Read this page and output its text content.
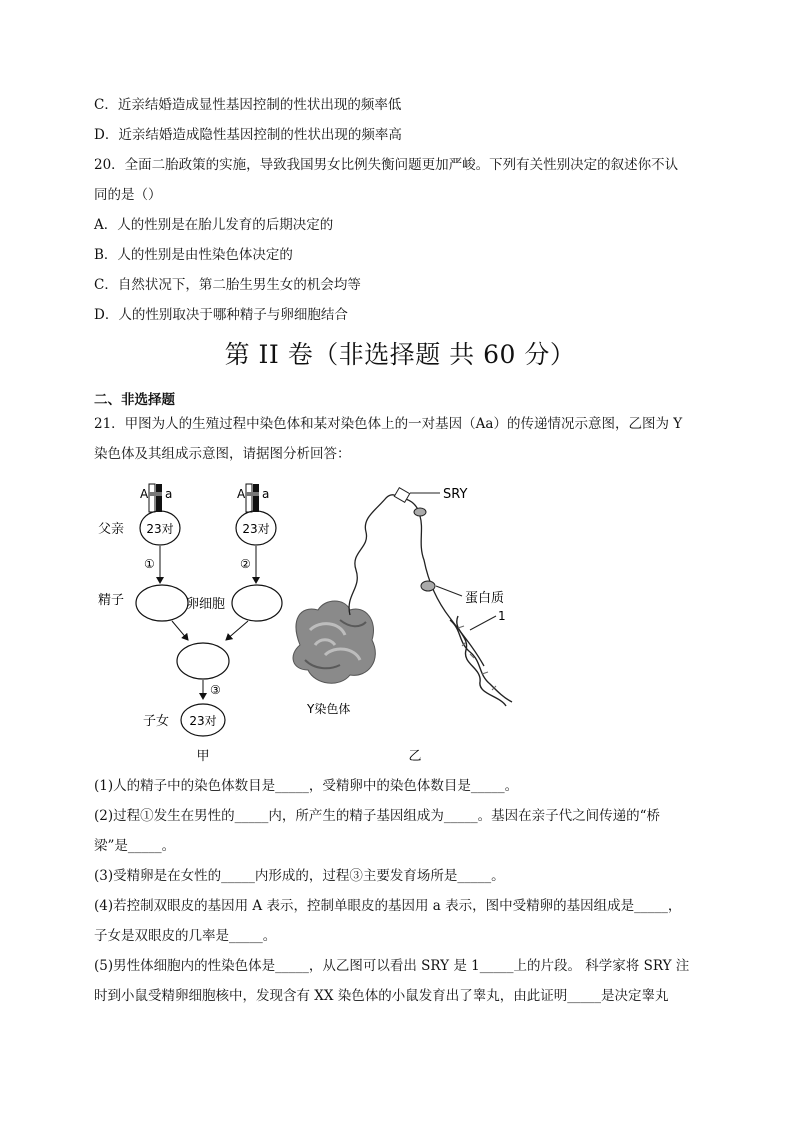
C．近亲结婚造成显性基因控制的性状出现的频率低
D．近亲结婚造成隐性基因控制的性状出现的频率高
20．全面二胎政策的实施，导致我国男女比例失衡问题更加严峻。下列有关性别决定的叙述你不认
同的是（）
A．人的性别是在胎儿发育的后期决定的
B．人的性别是由性染色体决定的
C．自然状况下，第二胎生男生女的机会均等
D．人的性别取决于哪种精子与卵细胞结合
第 II 卷（非选择题 共 60 分）
二、非选择题
21．甲图为人的生殖过程中染色体和某对染色体上的一对基因（Aa）的传递情况示意图，乙图为 Y
染色体及其组成示意图，请据图分析回答：
A a
23对
A a
23对
父亲
①	②
精子	卵细胞
③
子女 23对
甲
Y染色体
SRY
蛋白质
1
乙
(1)人的精子中的染色体数目是_____，受精卵中的染色体数目是_____。
(2)过程①发生在男性的_____内，所产生的精子基因组成为_____。基因在亲子代之间传递的“桥
梁”是_____。
(3)受精卵是在女性的_____内形成的，过程③主要发育场所是_____。
(4)若控制双眼皮的基因用 A 表示，控制单眼皮的基因用 a 表示，图中受精卵的基因组成是_____，
子女是双眼皮的几率是_____。
(5)男性体细胞内的性染色体是_____，从乙图可以看出 SRY 是 1_____上的片段。 科学家将 SRY 注
时到小鼠受精卵细胞核中，发现含有 XX 染色体的小鼠发育出了睾丸，由此证明_____是决定睾丸
